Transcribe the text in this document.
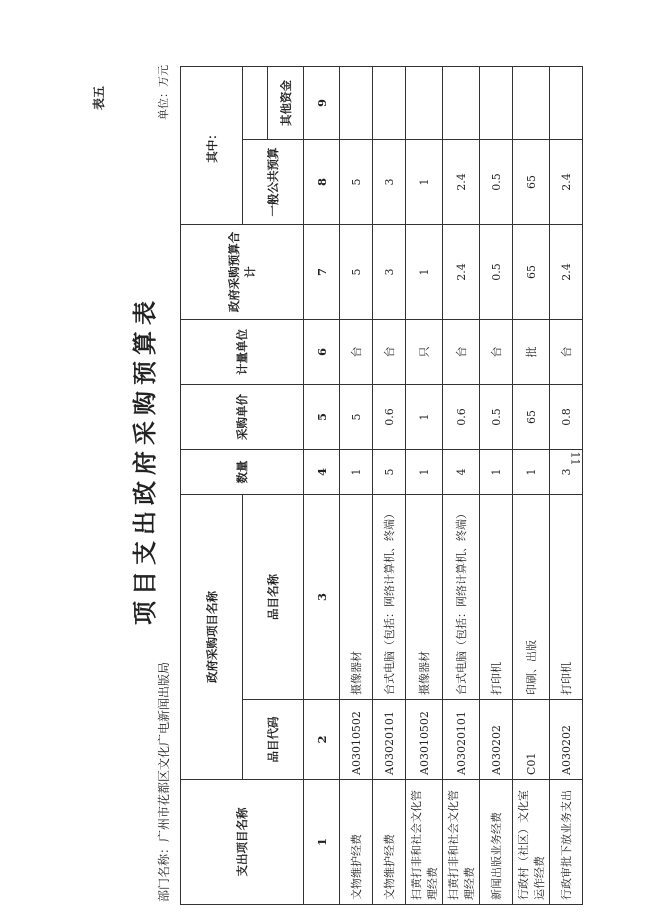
11
表五
项目支出政府采购预算表
部门名称：广州市花都区文化广电新闻出版局
单位：万元
支出项目名称	政府采购项目名称		数量	采购单价	计量单位	政府采购预算合计	其中：	
	品目代码	品目名称					一般公共预算	
								其他资金
1	2	3	4	5	6	7	8	9
文物维护经费	A03010502	摄像器材	1	5	台	5	5	
文物维护经费	A03020101	台式电脑（包括：网络计算机、终端）	5	0.6	台	3	3	
扫黄打非和社会文化管理经费	A03010502	摄像器材	1	1	只	1	1	
扫黄打非和社会文化管理经费	A03020101	台式电脑（包括：网络计算机、终端）	4	0.6	台	2.4	2.4	
新闻出版业务经费	A030202	打印机	1	0.5	台	0.5	0.5	
行政村（社区）文化室运作经费	C01	印刷、出版	1	65	批	65	65	
行政审批下放业务支出	A030202	打印机	3	0.8	台	2.4	2.4	
